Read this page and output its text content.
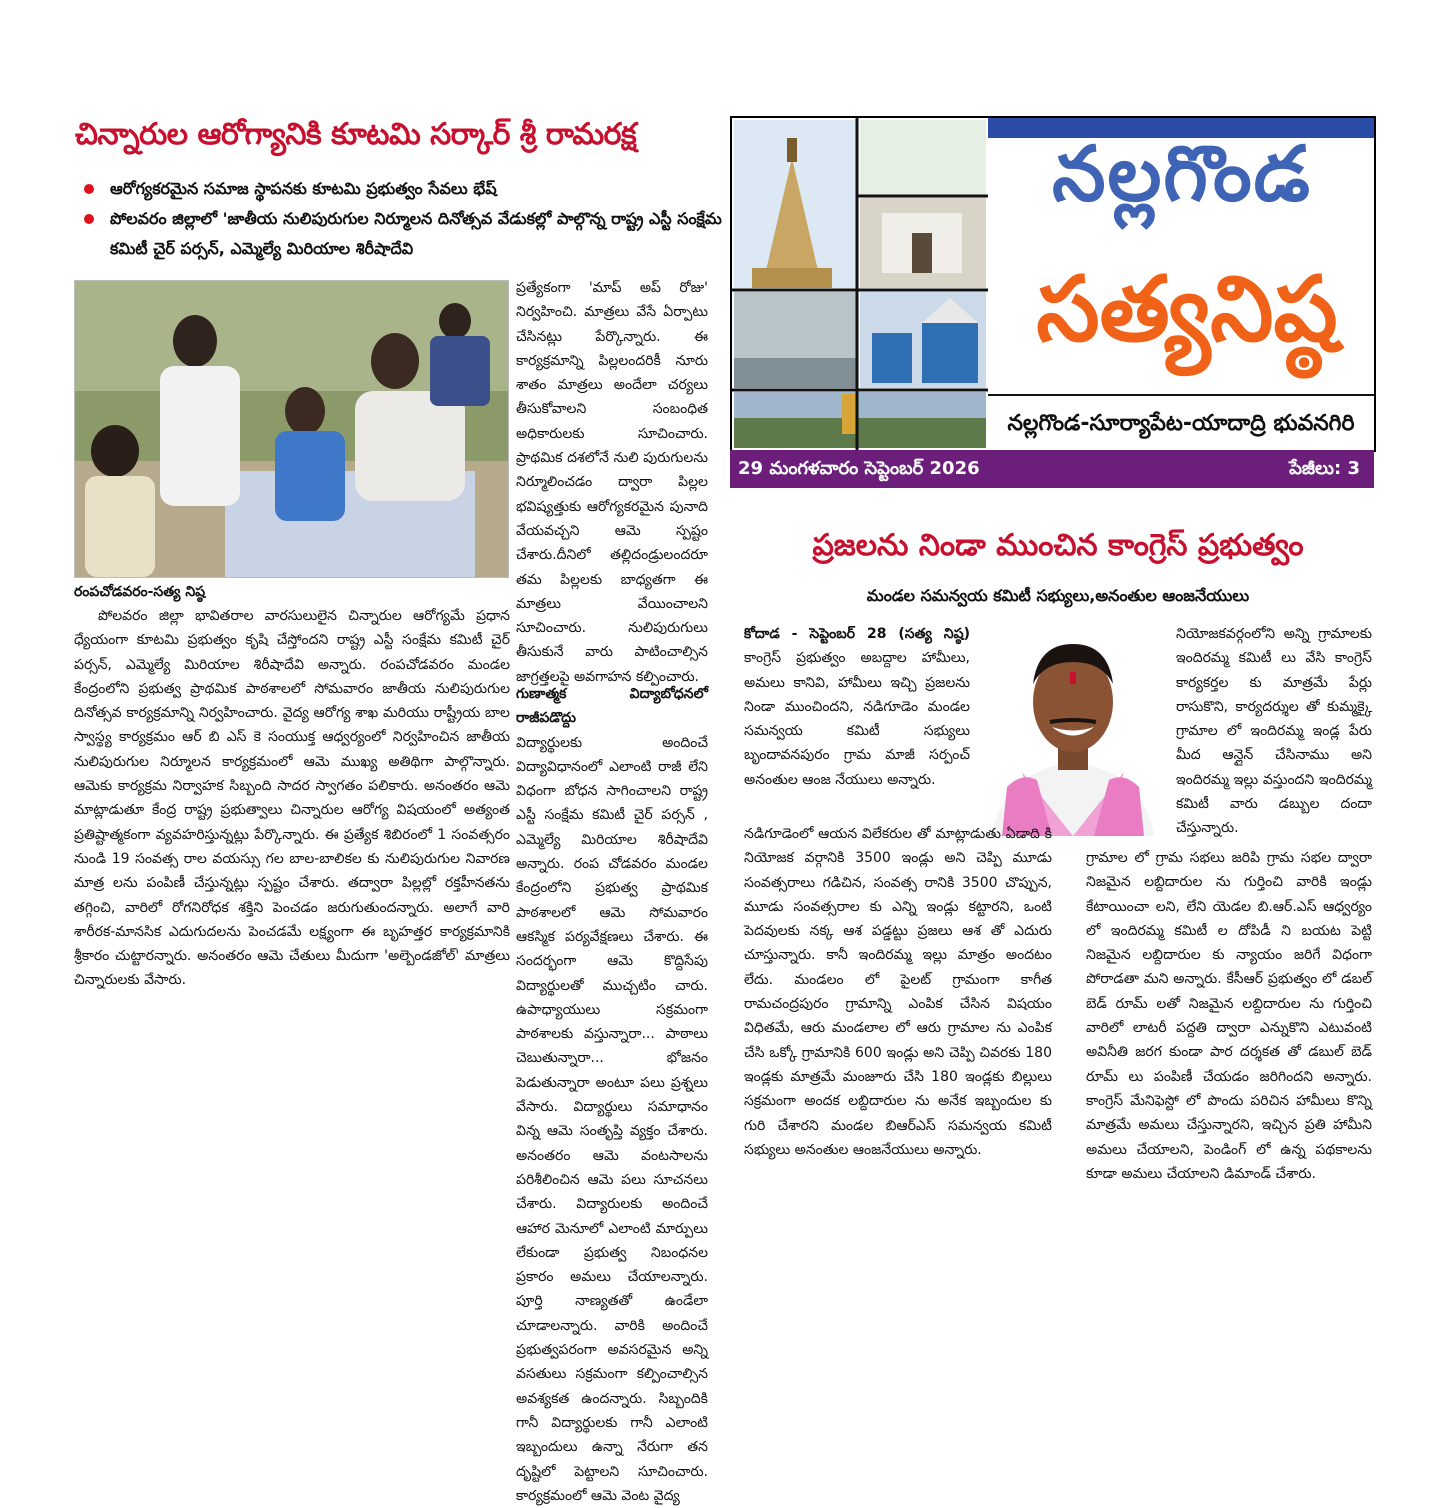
చిన్నారుల ఆరోగ్యానికి కూటమి సర్కార్ శ్రీ రామరక్ష
ఆరోగ్యకరమైన సమాజ స్థాపనకు కూటమి ప్రభుత్వం సేవలు భేష్
పోలవరం జిల్లాలో 'జాతీయ నులిపురుగుల నిర్మూలన దినోత్సవ వేడుకల్లో పాల్గొన్న రాష్ట్ర ఎస్టీ సంక్షేమ కమిటీ చైర్ పర్సన్, ఎమ్మెల్యే మిరియాల శిరీషాదేవి
రంపచోడవరం-సత్య నిష్ఠ

పోలవరం జిల్లా భావితరాల వారసులులైన చిన్నారుల ఆరోగ్యమే ప్రధాన ధ్యేయంగా కూటమి ప్రభుత్వం కృషి చేస్తోందని రాష్ట్ర ఎస్టీ సంక్షేమ కమిటీ చైర్ పర్సన్, ఎమ్మెల్యే మిరియాల శిరీషాదేవి అన్నారు. రంపచోడవరం మండల కేంద్రంలోని ప్రభుత్వ ప్రాథమిక పాఠశాలలో సోమవారం జాతీయ నులిపురుగుల దినోత్సవ కార్యక్రమాన్ని నిర్వహించారు. వైద్య ఆరోగ్య శాఖ మరియు రాష్ట్రీయ బాల స్వాస్థ్య కార్యక్రమం ఆర్ బి ఎస్ కె సంయుక్త ఆధ్వర్యంలో నిర్వహించిన జాతీయ నులిపురుగుల నిర్మూలన కార్యక్రమంలో ఆమె ముఖ్య అతిథిగా పాల్గొన్నారు. ఆమెకు కార్యక్రమ నిర్వాహక సిబ్బంది సాదర స్వాగతం పలికారు. అనంతరం ఆమె మాట్లాడుతూ కేంద్ర రాష్ట్ర ప్రభుత్వాలు చిన్నారుల ఆరోగ్య విషయంలో అత్యంత ప్రతిష్టాత్మకంగా వ్యవహరిస్తున్నట్లు పేర్కొన్నారు. ఈ ప్రత్యేక శిబిరంలో 1 సంవత్సరం నుండి 19 సంవత్స రాల వయస్సు గల బాల-బాలికల కు నులిపురుగుల నివారణ మాత్ర లను పంపిణీ చేస్తున్నట్లు స్పష్టం చేశారు. తద్వారా పిల్లల్లో రక్తహీనతను తగ్గించి, వారిలో రోగనిరోధక శక్తిని పెంచడం జరుగుతుందన్నారు. అలాగే వారి శారీరక-మానసిక ఎదుగుదలను పెంచడమే లక్ష్యంగా ఈ బృహత్తర కార్యక్రమానికి శ్రీకారం చుట్టారన్నారు. అనంతరం ఆమె చేతులు మీదుగా 'అల్బెండజోల్' మాత్రలు చిన్నారులకు వేసారు.

ప్రత్యేకంగా 'మాప్ అప్ రోజు' నిర్వహించి. మాత్రలు వేసే ఏర్పాటు చేసినట్లు పేర్కొన్నారు. ఈ కార్యక్రమాన్ని పిల్లలందరికీ నూరు శాతం మాత్రలు అందేలా చర్యలు తీసుకోవాలని సంబంధిత అధికారులకు సూచించారు. ప్రాథమిక దశలోనే నులి పురుగులను నిర్మూలించడం ద్వారా పిల్లల భవిష్యత్తుకు ఆరోగ్యకరమైన పునాది వేయవచ్చని ఆమె స్పష్టం చేశారు.దీనిలో తల్లిదండ్రులందరూ తమ పిల్లలకు బాధ్యతగా ఈ మాత్రలు వేయించాలని సూచించారు. నులిపురుగులు తీసుకునే వారు పాటించాల్సిన జాగ్రత్తలపై అవగాహన కల్పించారు.

గుణాత్మక విద్యాబోధనలో రాజీపడొద్దు

విద్యార్థులకు అందించే విద్యావిధానంలో ఎలాంటి రాజీ లేని విధంగా బోధన సాగించాలని రాష్ట్ర ఎస్టీ సంక్షేమ కమిటీ చైర్ పర్సన్ , ఎమ్మెల్యే మిరియాల శిరీషాదేవి అన్నారు. రంప చోడవరం మండల కేంద్రంలోని ప్రభుత్వ ప్రాథమిక పాఠశాలలో ఆమె సోమవారం ఆకస్మిక పర్యవేక్షణలు చేశారు. ఈ సందర్భంగా ఆమె కొద్దిసేపు విద్యార్థులతో ముచ్చటిం చారు. ఉపాధ్యాయులు సక్రమంగా పాఠశాలకు వస్తున్నారా... పాఠాలు చెబుతున్నారా... భోజనం పెడుతున్నారా అంటూ పలు ప్రశ్నలు వేసారు. విద్యార్థులు సమాధానం విన్న ఆమె సంతృప్తి వ్యక్తం చేశారు. అనంతరం ఆమె వంటసాలను పరిశీలించిన ఆమె పలు సూచనలు చేశారు. విద్యారులకు అందించే ఆహార మెనూలో ఎలాంటి మార్పులు లేకుండా ప్రభుత్వ నిబంధనల ప్రకారం అమలు చేయాలన్నారు. పూర్తి నాణ్యతతో ఉండేలా చూడాలన్నారు. వారికి అందించే ప్రభుత్వపరంగా అవసరమైన అన్ని వసతులు సక్రమంగా కల్పించాల్సిన అవశ్యకత ఉందన్నారు. సిబ్బందికి గానీ విద్యార్థులకు గానీ ఎలాంటి ఇబ్బందులు ఉన్నా నేరుగా తన దృష్టిలో పెట్టాలని సూచించారు. కార్యక్రమంలో ఆమె వెంట వైద్య

నల్లగొండ
సత్యనిష్ఠ
నల్లగొండ-సూర్యాపేట-యాదాద్రి భువనగిరి
29 మంగళవారం సెప్టెంబర్ 2026	పేజీలు: 3
ప్రజలను నిండా ముంచిన కాంగ్రెస్ ప్రభుత్వం
మండల సమన్వయ కమిటీ సభ్యులు,అనంతుల ఆంజనేయులు

కోదాడ - సెప్టెంబర్ 28 (సత్య నిష్ఠ) కాంగ్రెస్ ప్రభుత్వం అబద్దాల హామీలు, అమలు కానివి, హామీలు ఇచ్చి ప్రజలను నిండా ముంచిందని, నడిగూడెం మండల సమన్వయ కమిటీ సభ్యులు బృందావనపురం గ్రామ మాజీ సర్పంచ్ అనంతుల ఆంజ నేయులు అన్నారు.

నడిగూడెంలో ఆయన విలేకరుల తో మాట్లాడుతు ఏడాది కి నియోజక వర్గానికి 3500 ఇండ్లు అని చెప్పి మూడు సంవత్సరాలు గడిచిన, సంవత్స రానికి 3500 చొప్పున, మూడు సంవత్సరాల కు ఎన్ని ఇండ్లు కట్టారని, ఒంటి పెదవులకు నక్క ఆశ పడ్డట్టు ప్రజలు ఆశ తో ఎదురు చూస్తున్నారు. కానీ ఇందిరమ్మ ఇల్లు మాత్రం అందటం లేదు. మండలం లో పైలట్ గ్రామంగా కాగీత రామచంద్రపురం గ్రామాన్ని ఎంపిక చేసిన విషయం విధితమే, ఆరు మండలాల లో ఆరు గ్రామాల ను ఎంపిక చేసి ఒక్కో గ్రామానికి 600 ఇండ్లు అని చెప్పి చివరకు 180 ఇండ్లకు మాత్రమే మంజూరు చేసి 180 ఇండ్లకు బిల్లులు సక్రమంగా అందక లబ్దిదారుల ను అనేక ఇబ్బందుల కు గురి చేశారని మండల బిఆర్ఎస్ సమన్వయ కమిటీ సభ్యులు అనంతుల ఆంజనేయులు అన్నారు.

నియోజకవర్గంలోని అన్ని గ్రామాలకు ఇందిరమ్మ కమిటీ లు వేసి కాంగ్రెస్ కార్యకర్తల కు మాత్రమే పేర్లు రాసుకొని, కార్యదర్శుల తో కుమ్మక్కై గ్రామాల లో ఇందిరమ్మ ఇండ్ల పేరు మీద ఆన్లైన్ చేసినాము అని ఇందిరమ్మ ఇల్లు వస్తుందని ఇందిరమ్మ కమిటీ వారు డబ్బుల దందా చేస్తున్నారు.

గ్రామాల లో గ్రామ సభలు జరిపి గ్రామ సభల ద్వారా నిజమైన లబ్దిదారుల ను గుర్తించి వారికి ఇండ్లు కేటాయించా లని, లేని యెడల బి.ఆర్.ఎస్ ఆధ్వర్యం లో ఇందిరమ్మ కమిటీ ల దోపిడీ ని బయట పెట్టి నిజమైన లబ్దిదారుల కు న్యాయం జరిగే విధంగా పోరాడతా మని అన్నారు. కేసీఆర్ ప్రభుత్వం లో డబల్ బెడ్ రూమ్ లతో నిజమైన లబ్దిదారుల ను గుర్తించి వారిలో లాటరీ పద్దతి ద్వారా ఎన్నుకొని ఎటువంటి అవినీతి జరగ కుండా పార దర్శకత తో డబుల్ బెడ్ రూమ్ లు పంపిణీ చేయడం జరిగిందని అన్నారు. కాంగ్రెస్ మేనిఫెస్టో లో పొందు పరిచిన హామీలు కొన్ని మాత్రమే అమలు చేస్తున్నారని, ఇచ్చిన ప్రతి హామీని అమలు చేయాలని, పెండింగ్ లో ఉన్న పథకాలను కూడా అమలు చేయాలని డిమాండ్ చేశారు.
